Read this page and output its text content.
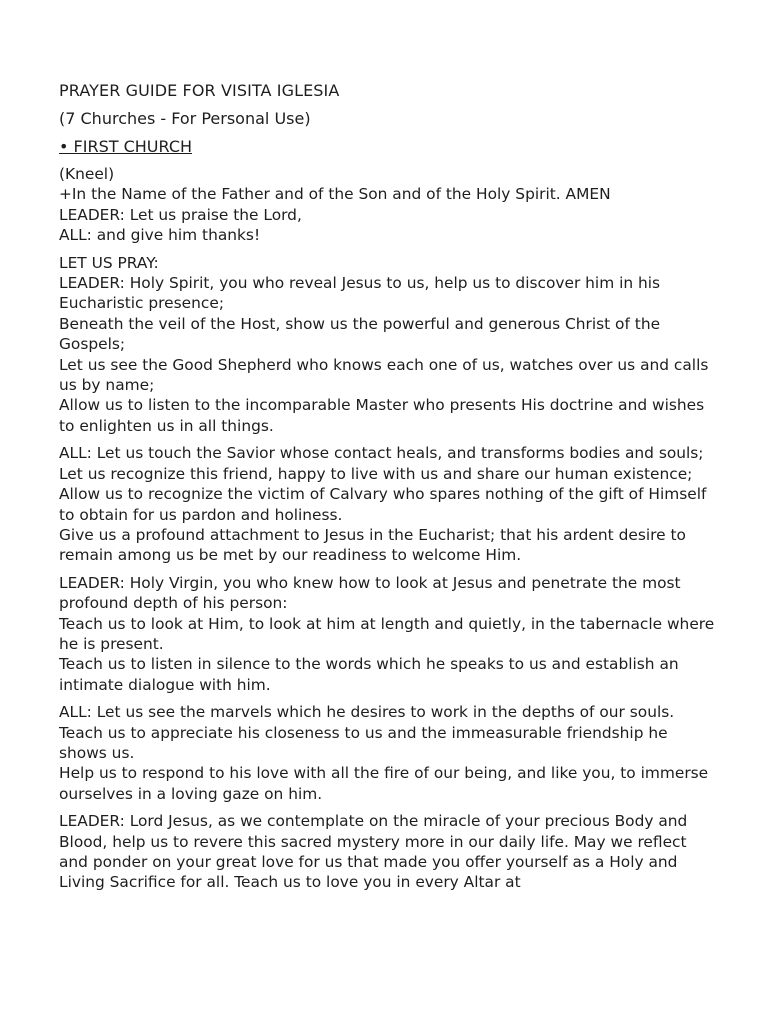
PRAYER GUIDE FOR VISITA IGLESIA

(7 Churches - For Personal Use)

• FIRST CHURCH

(Kneel)
+In the Name of the Father and of the Son and of the Holy Spirit. AMEN
LEADER: Let us praise the Lord,
ALL: and give him thanks!

LET US PRAY:
LEADER: Holy Spirit, you who reveal Jesus to us, help us to discover him in his Eucharistic presence;
Beneath the veil of the Host, show us the powerful and generous Christ of the Gospels;
Let us see the Good Shepherd who knows each one of us, watches over us and calls us by name;
Allow us to listen to the incomparable Master who presents His doctrine and wishes to enlighten us in all things.

ALL: Let us touch the Savior whose contact heals, and transforms bodies and souls;
Let us recognize this friend, happy to live with us and share our human existence;
Allow us to recognize the victim of Calvary who spares nothing of the gift of Himself to obtain for us pardon and holiness.
Give us a profound attachment to Jesus in the Eucharist; that his ardent desire to remain among us be met by our readiness to welcome Him.

LEADER: Holy Virgin, you who knew how to look at Jesus and penetrate the most profound depth of his person:
Teach us to look at Him, to look at him at length and quietly, in the tabernacle where he is present.
Teach us to listen in silence to the words which he speaks to us and establish an intimate dialogue with him.

ALL: Let us see the marvels which he desires to work in the depths of our souls.
Teach us to appreciate his closeness to us and the immeasurable friendship he shows us.
Help us to respond to his love with all the fire of our being, and like you, to immerse ourselves in a loving gaze on him.

LEADER: Lord Jesus, as we contemplate on the miracle of your precious Body and Blood, help us to revere this sacred mystery more in our daily life. May we reflect and ponder on your great love for us that made you offer yourself as a Holy and Living Sacrifice for all. Teach us to love you in every Altar at
